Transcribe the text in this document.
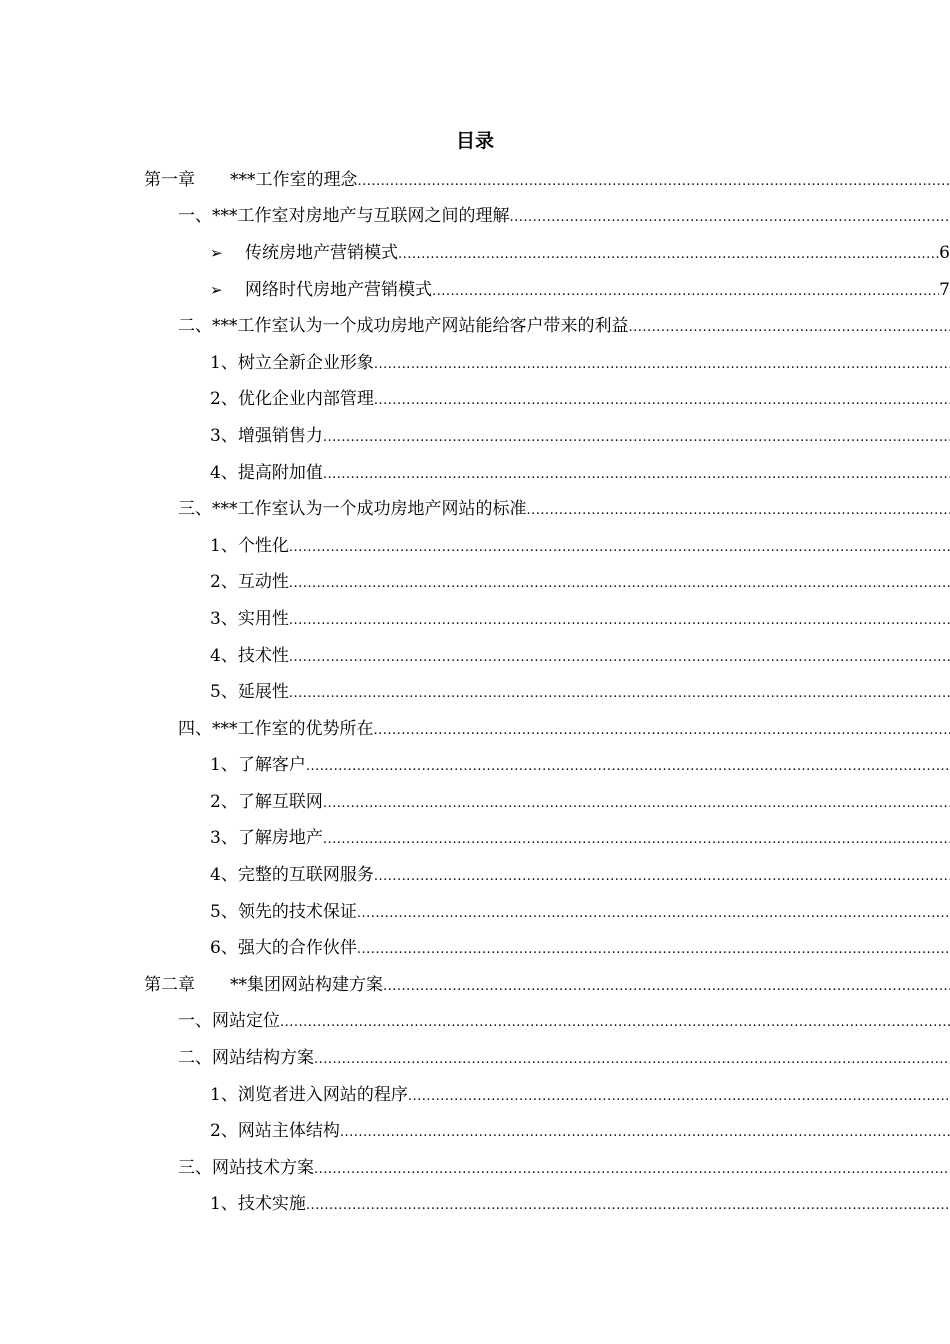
目录
第一章	***工作室的理念
.....
一、***工作室对房地产与互联网之间的理解
.....
➢	传统房地产营销模式 .....	6
➢	网络时代房地产营销模式 .....	7
二、***工作室认为一个成功房地产网站能给客户带来的利益
.....
1、树立全新企业形象
.....
2、优化企业内部管理
.....
3、增强销售力
.....
4、提高附加值
.....
三、***工作室认为一个成功房地产网站的标准
.....
1、个性化
.....
2、互动性
.....
3、实用性
.....
4、技术性
.....
5、延展性
.....
四、***工作室的优势所在
.....
1、了解客户
.....
2、了解互联网
.....
3、了解房地产
.....
4、完整的互联网服务
.....
5、领先的技术保证
.....
6、强大的合作伙伴
.....
第二章	**集团网站构建方案
.....
一、网站定位
.....
二、网站结构方案
.....
1、浏览者进入网站的程序
.....
2、网站主体结构
.....
三、网站技术方案
.....
1、技术实施
.....
